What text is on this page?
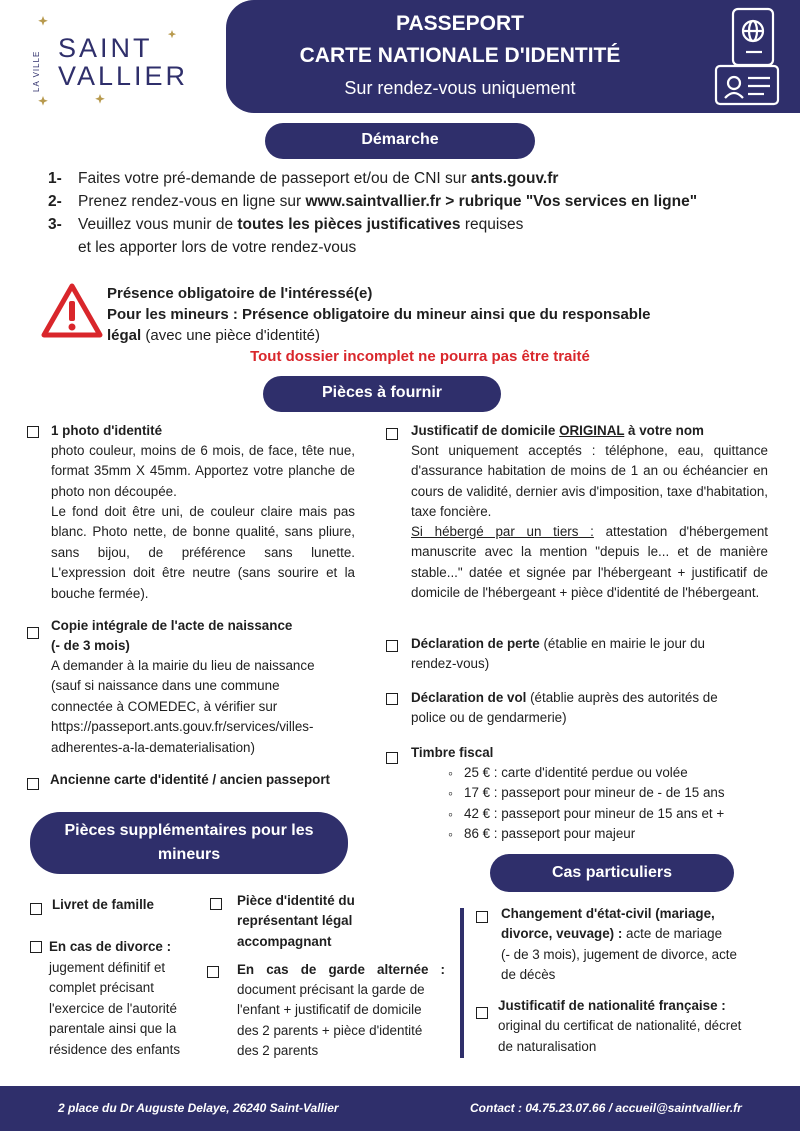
LA VILLE
SAINT
VALLIER
PASSEPORT
CARTE NATIONALE D'IDENTITÉ
Sur rendez-vous uniquement
Démarche
1- Faites votre pré-demande de passeport et/ou de CNI sur ants.gouv.fr
2- Prenez rendez-vous en ligne sur www.saintvallier.fr > rubrique "Vos services en ligne"
3- Veuillez vous munir de toutes les pièces justificatives requises
et les apporter lors de votre rendez-vous
Présence obligatoire de l'intéressé(e)
Pour les mineurs : Présence obligatoire du mineur ainsi que du responsable
légal (avec une pièce d'identité)
Tout dossier incomplet ne pourra pas être traité
Pièces à fournir
1 photo d'identité
photo couleur, moins de 6 mois, de face, tête nue, format 35mm X 45mm. Apportez votre planche de photo non découpée.
Le fond doit être uni, de couleur claire mais pas blanc. Photo nette, de bonne qualité, sans pliure, sans bijou, de préférence sans lunette. L'expression doit être neutre (sans sourire et la bouche fermée).
Copie intégrale de l'acte de naissance
(- de 3 mois)
A demander à la mairie du lieu de naissance
(sauf si naissance dans une commune
connectée à COMEDEC, à vérifier sur
https://passeport.ants.gouv.fr/services/villes-
adherentes-a-la-dematerialisation)
Ancienne carte d'identité / ancien passeport
Justificatif de domicile ORIGINAL à votre nom
Sont uniquement acceptés : téléphone, eau, quittance d'assurance habitation de moins de 1 an ou échéancier en cours de validité, dernier avis d'imposition, taxe d'habitation, taxe foncière.
Si hébergé par un tiers : attestation d'hébergement manuscrite avec la mention "depuis le... et de manière stable..." datée et signée par l'hébergeant + justificatif de domicile de l'hébergeant + pièce d'identité de l'hébergeant.
Déclaration de perte (établie en mairie le jour du
rendez-vous)
Déclaration de vol (établie auprès des autorités de
police ou de gendarmerie)
Timbre fiscal
◦ 25 € : carte d'identité perdue ou volée
◦ 17 € : passeport pour mineur de - de 15 ans
◦ 42 € : passeport pour mineur de 15 ans et +
◦ 86 € : passeport pour majeur
Pièces supplémentaires pour les
mineurs
Livret de famille
En cas de divorce :
jugement définitif et
complet précisant
l'exercice de l'autorité
parentale ainsi que la
résidence des enfants
Pièce d'identité du
représentant légal
accompagnant
En cas de garde alternée :
document précisant la garde de
l'enfant + justificatif de domicile
des 2 parents + pièce d'identité
des 2 parents
Cas particuliers
Changement d'état-civil (mariage,
divorce, veuvage) : acte de mariage
(- de 3 mois), jugement de divorce, acte
de décès
Justificatif de nationalité française :
original du certificat de nationalité, décret
de naturalisation
2 place du Dr Auguste Delaye, 26240 Saint-Vallier	Contact : 04.75.23.07.66 / accueil@saintvallier.fr
